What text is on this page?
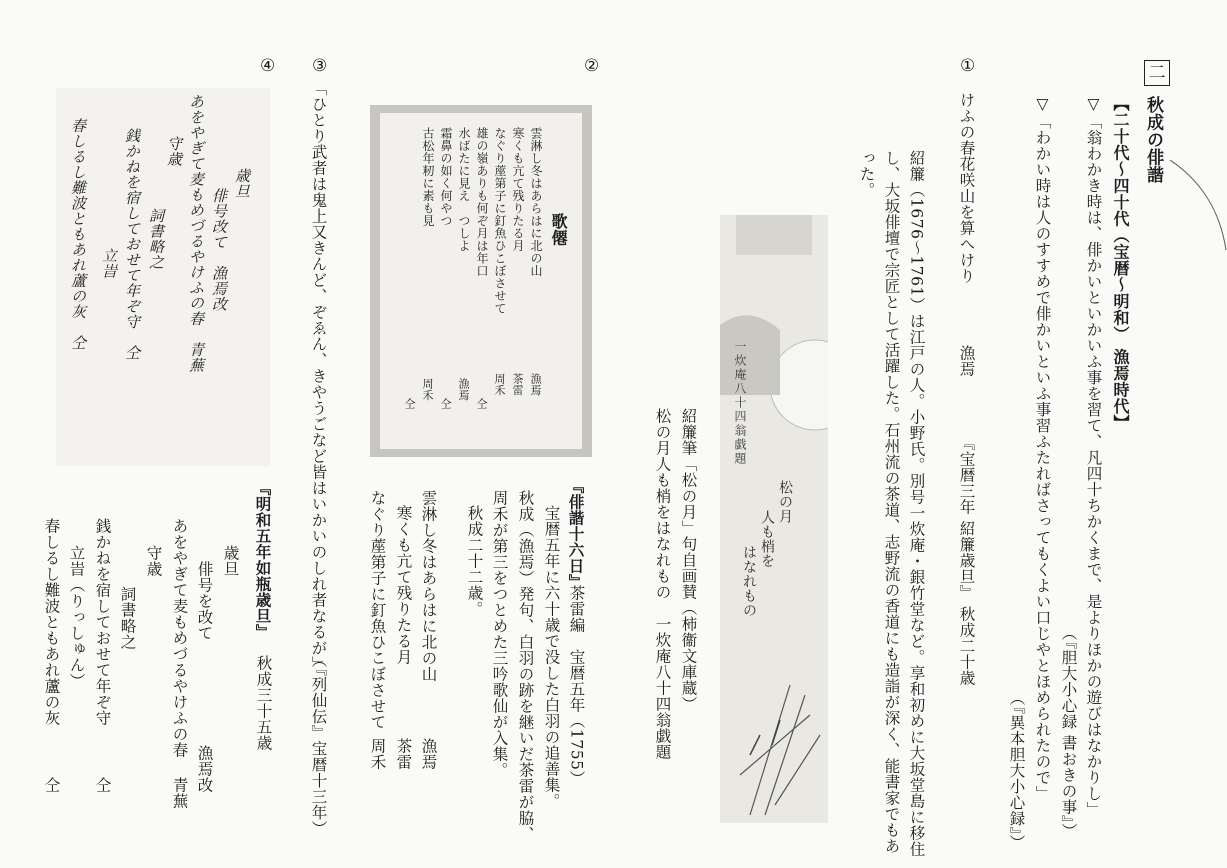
二
秋成の俳諧
【二十代～四十代（宝暦～明和） 漁焉時代】
▽「翁わかき時は、俳かいといかいふ事を習て、凡四十ちかくまで、是よりほかの遊びはなかりし」
（『胆大小心録 書おきの事』）
▽「わかい時は人のすすめで俳かいといふ事習ふたればさってもくよい口じやとほめられたので」
（『異本胆大小心録』）
①
けふの春花咲山を算へけり
漁焉
『宝暦三年 紹簾歳旦』 秋成二十歳
紹簾（1676～1761）は江戸の人。小野氏。別号一炊庵・銀竹堂など。享和初めに大坂堂島に移住
し、大坂俳壇で宗匠として活躍した。石州流の茶道、志野流の香道にも造詣が深く、能書家でもあ
った。
一炊庵八十四翁戯題
松の月
人も梢を
はなれもの
紹簾筆「松の月」句自画賛（柿衞文庫蔵）
松の月人も梢をはなれもの　一炊庵八十四翁戯題
②
歌僊
雲淋し冬はあらはに北の山
寒くも亢て残りたる月
なぐり蓙第子に釘魚ひこぼさせて
雄の嶺ありも何ぞ月は年口
水ばたに見え　つしよ
霜鼻の如く何やつ
古松年籾に素も見
漁焉
茶雷
周禾
仝
漁焉
仝
周禾
仝
『俳諧十六日』
茶雷編　宝暦五年（1755）
宝暦五年に六十歳で没した白羽の追善集。
秋成（漁焉）発句、白羽の跡を継いだ茶雷が脇、
周禾が第三をつとめた三吟歌仙が入集。
秋成二十二歳。
雲淋し冬はあらはに北の山
漁焉
寒くも亢て残りたる月
茶雷
なぐり蓙第子に釘魚ひこぼさせて
周禾
③
「ひとり武者は鬼上又きんど、ぞゑん、きやうごなど皆はいかいのしれ者なるが」
（『列仙伝』宝暦十三年）
④
歳旦
俳号改て　漁焉改
あをやぎて麦もめづるやけふの春　青蕪
守歳
詞書略之
銭かねを宿しておせて年ぞ守　仝
立旹
春しるし難波ともあれ蘆の灰　仝
『明和五年如瓶歳旦』
秋成三十五歳
歳旦
　俳号を改て
漁焉改
あをやぎて麦もめづるやけふの春
青蕪
守歳
　詞書略之
銭かねを宿しておせて年ぞ守
仝
立旹（りっしゅん）
春しるし難波ともあれ蘆の灰
仝
